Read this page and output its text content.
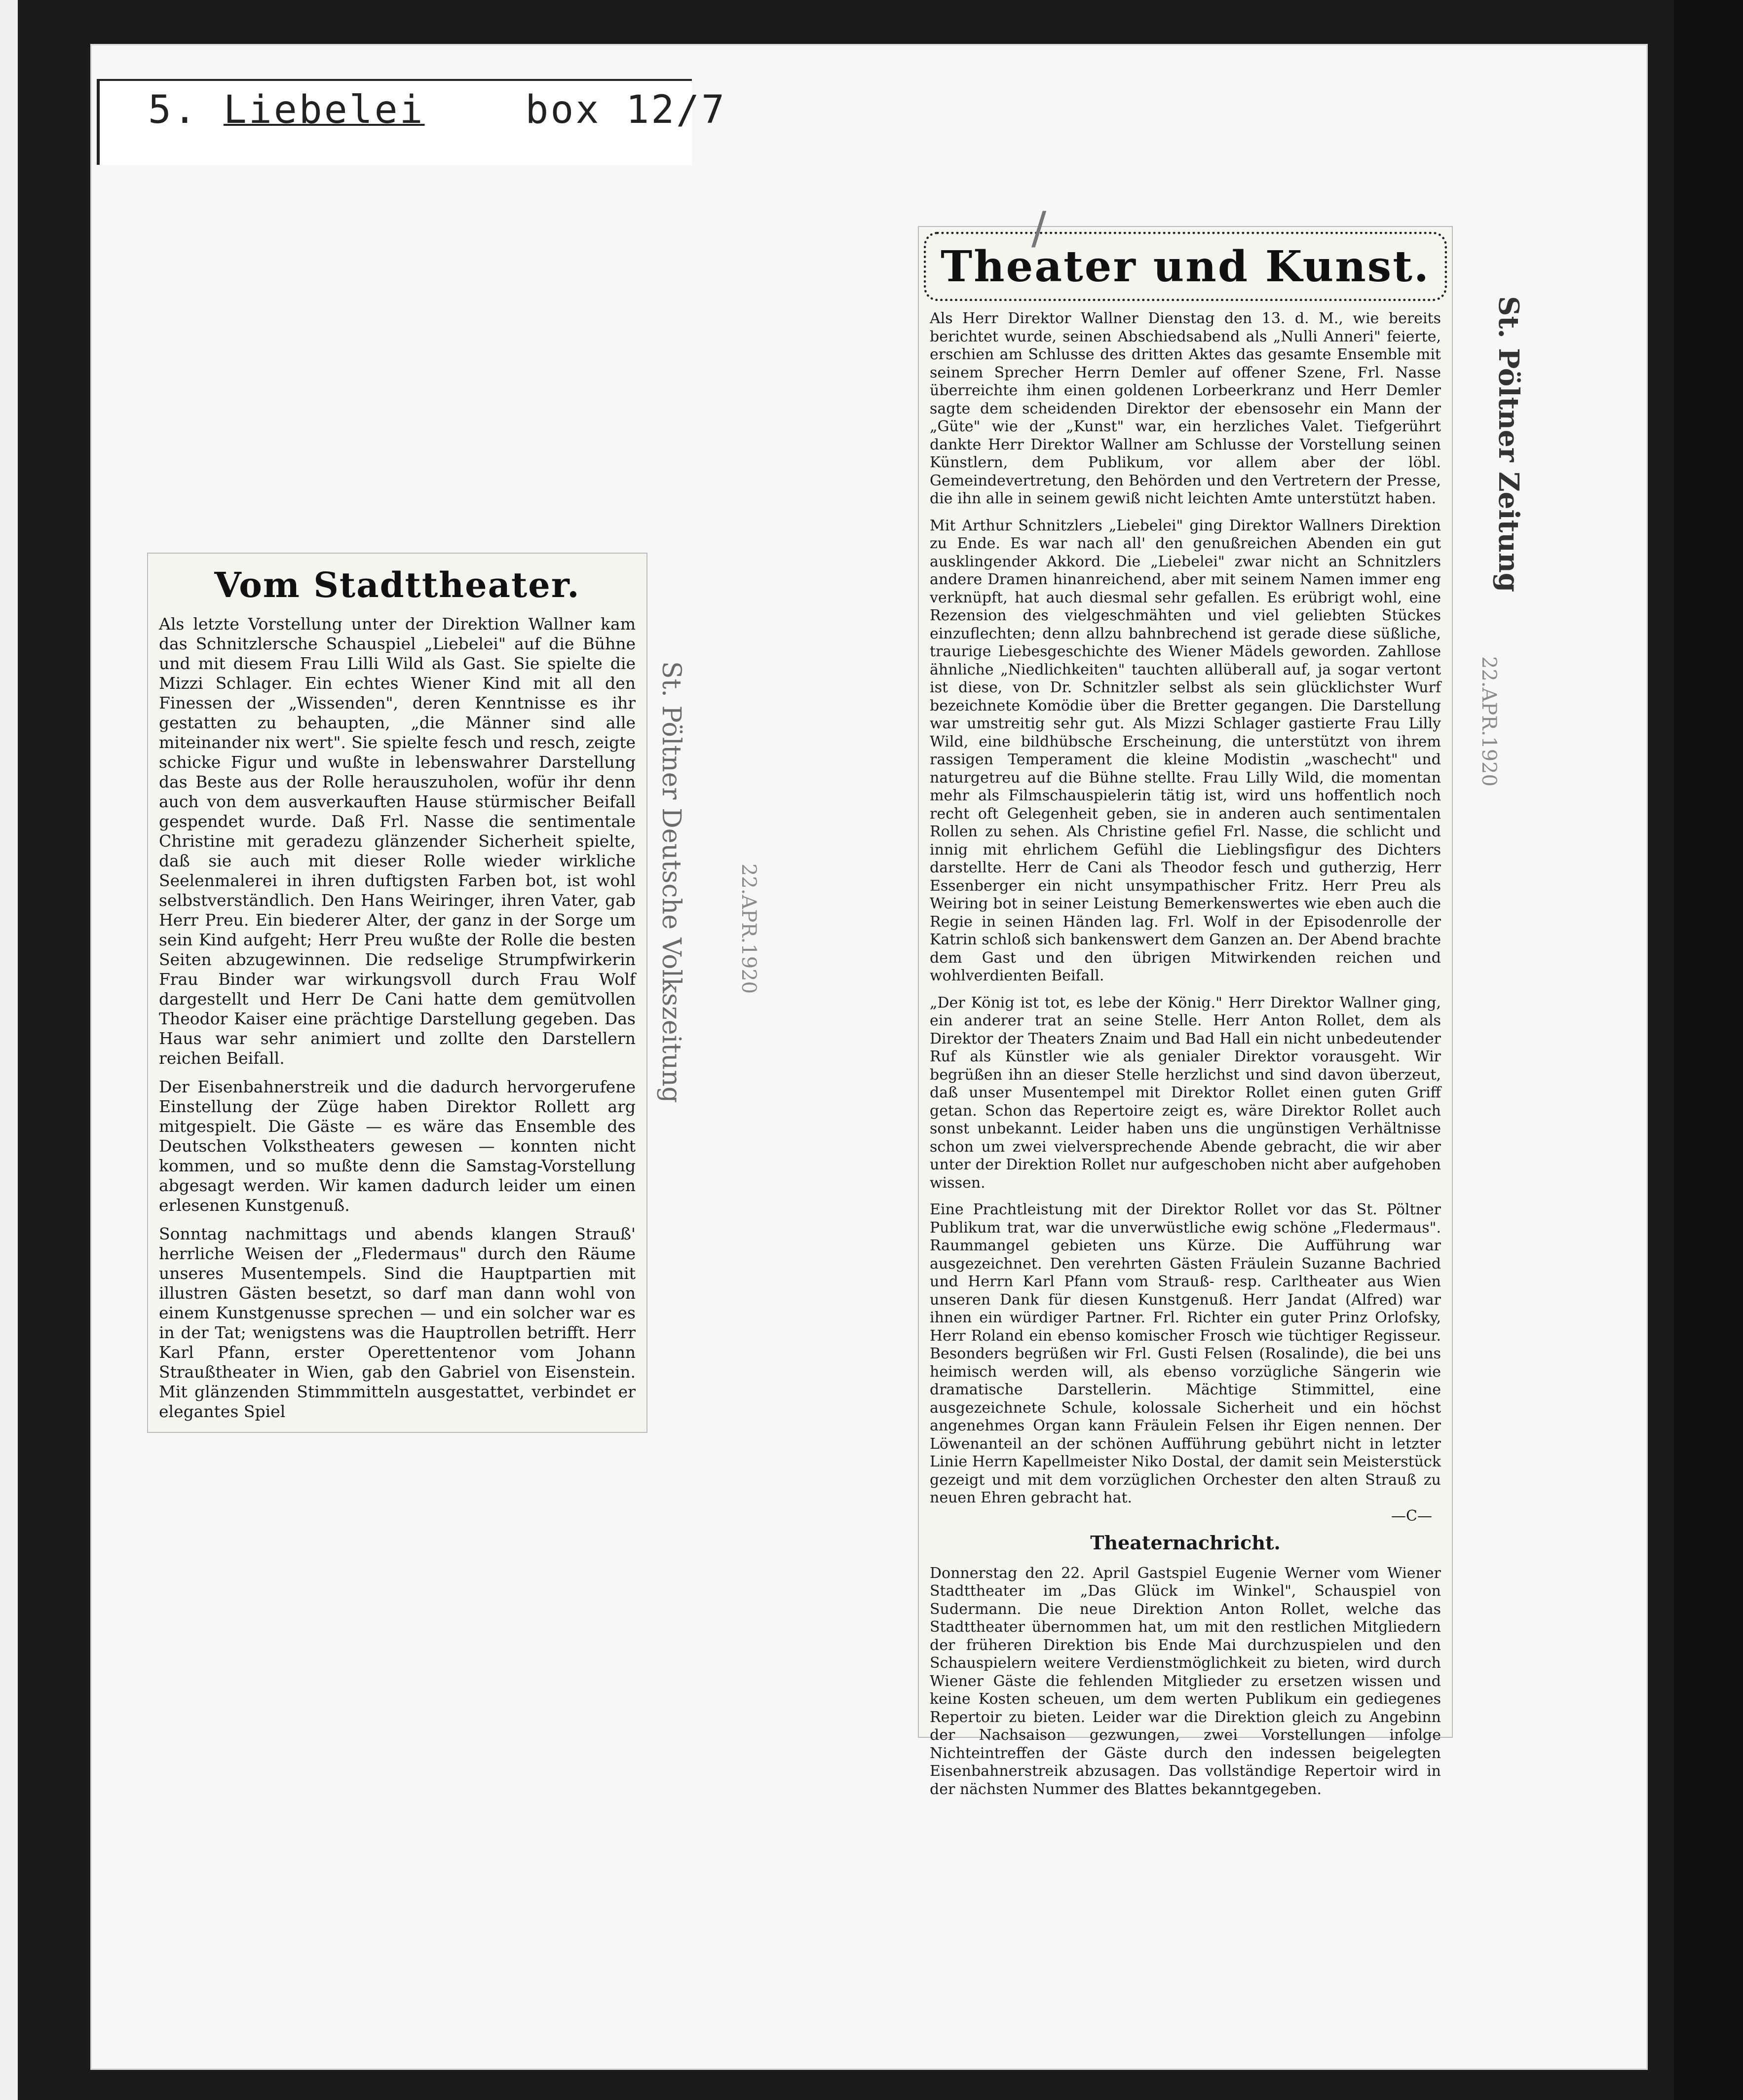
5. Liebelei	box 12/7
Vom Stadttheater.
Als letzte Vorstellung unter der Direktion Wallner kam das Schnitzlersche Schauspiel „Liebelei" auf die Bühne und mit diesem Frau Lilli Wild als Gast. Sie spielte die Mizzi Schlager. Ein echtes Wiener Kind mit all den Finessen der „Wissenden", deren Kenntnisse es ihr gestatten zu behaupten, „die Männer sind alle miteinander nix wert". Sie spielte fesch und resch, zeigte schicke Figur und wußte in lebenswahrer Darstellung das Beste aus der Rolle herauszuholen, wofür ihr denn auch von dem ausverkauften Hause stürmischer Beifall gespendet wurde. Daß Frl. Nasse die sentimentale Christine mit geradezu glänzender Sicherheit spielte, daß sie auch mit dieser Rolle wieder wirkliche Seelenmalerei in ihren duftigsten Farben bot, ist wohl selbstverständlich. Den Hans Weiringer, ihren Vater, gab Herr Preu. Ein biederer Alter, der ganz in der Sorge um sein Kind aufgeht; Herr Preu wußte der Rolle die besten Seiten abzugewinnen. Die redselige Strumpfwirkerin Frau Binder war wirkungsvoll durch Frau Wolf dargestellt und Herr De Cani hatte dem gemütvollen Theodor Kaiser eine prächtige Darstellung gegeben. Das Haus war sehr animiert und zollte den Darstellern reichen Beifall.
Der Eisenbahnerstreik und die dadurch hervorgerufene Einstellung der Züge haben Direktor Rollett arg mitgespielt. Die Gäste — es wäre das Ensemble des Deutschen Volkstheaters gewesen — konnten nicht kommen, und so mußte denn die Samstag-Vorstellung abgesagt werden. Wir kamen dadurch leider um einen erlesenen Kunstgenuß.
Sonntag nachmittags und abends klangen Strauß' herrliche Weisen der „Fledermaus" durch den Räume unseres Musentempels. Sind die Hauptpartien mit illustren Gästen besetzt, so darf man dann wohl von einem Kunstgenusse sprechen — und ein solcher war es in der Tat; wenigstens was die Hauptrollen betrifft. Herr Karl Pfann, erster Operettentenor vom Johann Straußtheater in Wien, gab den Gabriel von Eisenstein. Mit glänzenden Stimmmitteln ausgestattet, verbindet er elegantes Spiel
St. Pöltner Deutsche Volkszeitung	22.APR.1920
Theater und Kunst.
Als Herr Direktor Wallner Dienstag den 13. d. M., wie bereits berichtet wurde, seinen Abschiedsabend als „Nulli Anneri" feierte, erschien am Schlusse des dritten Aktes das gesamte Ensemble mit seinem Sprecher Herrn Demler auf offener Szene, Frl. Nasse überreichte ihm einen goldenen Lorbeerkranz und Herr Demler sagte dem scheidenden Direktor der ebensosehr ein Mann der „Güte" wie der „Kunst" war, ein herzliches Valet. Tiefgerührt dankte Herr Direktor Wallner am Schlusse der Vorstellung seinen Künstlern, dem Publikum, vor allem aber der löbl. Gemeindevertretung, den Behörden und den Vertretern der Presse, die ihn alle in seinem gewiß nicht leichten Amte unterstützt haben.
Mit Arthur Schnitzlers „Liebelei" ging Direktor Wallners Direktion zu Ende. Es war nach all' den genußreichen Abenden ein gut ausklingender Akkord. Die „Liebelei" zwar nicht an Schnitzlers andere Dramen hinanreichend, aber mit seinem Namen immer eng verknüpft, hat auch diesmal sehr gefallen. Es erübrigt wohl, eine Rezension des vielgeschmähten und viel geliebten Stückes einzuflechten; denn allzu bahnbrechend ist gerade diese süßliche, traurige Liebesgeschichte des Wiener Mädels geworden. Zahllose ähnliche „Niedlichkeiten" tauchten allüberall auf, ja sogar vertont ist diese, von Dr. Schnitzler selbst als sein glücklichster Wurf bezeichnete Komödie über die Bretter gegangen. Die Darstellung war umstreitig sehr gut. Als Mizzi Schlager gastierte Frau Lilly Wild, eine bildhübsche Erscheinung, die unterstützt von ihrem rassigen Temperament die kleine Modistin „waschecht" und naturgetreu auf die Bühne stellte. Frau Lilly Wild, die momentan mehr als Filmschauspielerin tätig ist, wird uns hoffentlich noch recht oft Gelegenheit geben, sie in anderen auch sentimentalen Rollen zu sehen. Als Christine gefiel Frl. Nasse, die schlicht und innig mit ehrlichem Gefühl die Lieblingsfigur des Dichters darstellte. Herr de Cani als Theodor fesch und gutherzig, Herr Essenberger ein nicht unsympathischer Fritz. Herr Preu als Weiring bot in seiner Leistung Bemerkenswertes wie eben auch die Regie in seinen Händen lag. Frl. Wolf in der Episodenrolle der Katrin schloß sich bankenswert dem Ganzen an. Der Abend brachte dem Gast und den übrigen Mitwirkenden reichen und wohlverdienten Beifall.
„Der König ist tot, es lebe der König." Herr Direktor Wallner ging, ein anderer trat an seine Stelle. Herr Anton Rollet, dem als Direktor der Theaters Znaim und Bad Hall ein nicht unbedeutender Ruf als Künstler wie als genialer Direktor vorausgeht. Wir begrüßen ihn an dieser Stelle herzlichst und sind davon überzeut, daß unser Musentempel mit Direktor Rollet einen guten Griff getan. Schon das Repertoire zeigt es, wäre Direktor Rollet auch sonst unbekannt. Leider haben uns die ungünstigen Verhältnisse schon um zwei vielversprechende Abende gebracht, die wir aber unter der Direktion Rollet nur aufgeschoben nicht aber aufgehoben wissen.
Eine Prachtleistung mit der Direktor Rollet vor das St. Pöltner Publikum trat, war die unverwüstliche ewig schöne „Fledermaus". Raummangel gebieten uns Kürze. Die Aufführung war ausgezeichnet. Den verehrten Gästen Fräulein Suzanne Bachried und Herrn Karl Pfann vom Strauß- resp. Carltheater aus Wien unseren Dank für diesen Kunstgenuß. Herr Jandat (Alfred) war ihnen ein würdiger Partner. Frl. Richter ein guter Prinz Orlofsky, Herr Roland ein ebenso komischer Frosch wie tüchtiger Regisseur. Besonders begrüßen wir Frl. Gusti Felsen (Rosalinde), die bei uns heimisch werden will, als ebenso vorzügliche Sängerin wie dramatische Darstellerin. Mächtige Stimmittel, eine ausgezeichnete Schule, kolossale Sicherheit und ein höchst angenehmes Organ kann Fräulein Felsen ihr Eigen nennen. Der Löwenanteil an der schönen Aufführung gebührt nicht in letzter Linie Herrn Kapellmeister Niko Dostal, der damit sein Meisterstück gezeigt und mit dem vorzüglichen Orchester den alten Strauß zu neuen Ehren gebracht hat.
—C—
Theaternachricht.
Donnerstag den 22. April Gastspiel Eugenie Werner vom Wiener Stadttheater im „Das Glück im Winkel", Schauspiel von Sudermann. Die neue Direktion Anton Rollet, welche das Stadttheater übernommen hat, um mit den restlichen Mitgliedern der früheren Direktion bis Ende Mai durchzuspielen und den Schauspielern weitere Verdienstmöglichkeit zu bieten, wird durch Wiener Gäste die fehlenden Mitglieder zu ersetzen wissen und keine Kosten scheuen, um dem werten Publikum ein gediegenes Repertoir zu bieten. Leider war die Direktion gleich zu Angebinn der Nachsaison gezwungen, zwei Vorstellungen infolge Nichteintreffen der Gäste durch den indessen beigelegten Eisenbahnerstreik abzusagen. Das vollständige Repertoir wird in der nächsten Nummer des Blattes bekanntgegeben.
∕
St. Pöltner Zeitung
22.APR.1920
